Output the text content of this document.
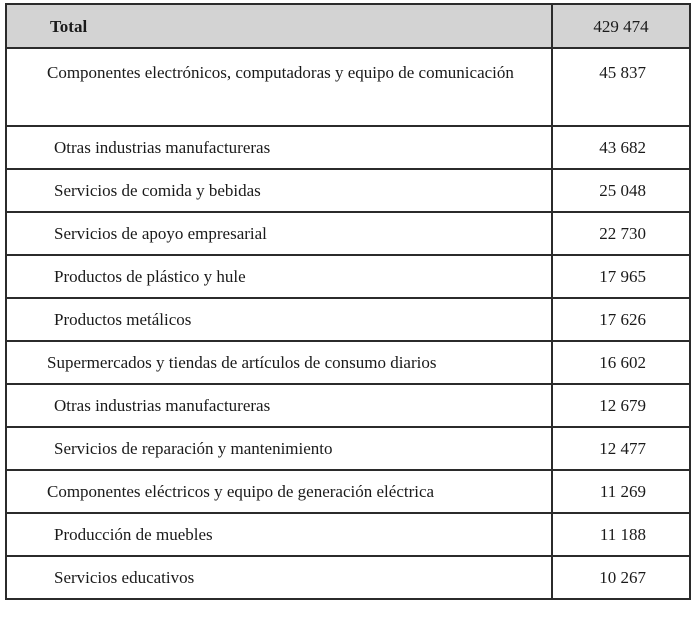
Total	429 474
Componentes electrónicos, computadoras y equipo de comunicación	45 837
Otras industrias manufactureras	43 682
Servicios de comida y bebidas	25 048
Servicios de apoyo empresarial	22 730
Productos de plástico y hule	17 965
Productos metálicos	17 626
Supermercados y tiendas de artículos de consumo diarios	16 602
Otras industrias manufactureras	12 679
Servicios de reparación y mantenimiento	12 477
Componentes eléctricos y equipo de generación eléctrica	11 269
Producción de muebles	11 188
Servicios educativos	10 267
